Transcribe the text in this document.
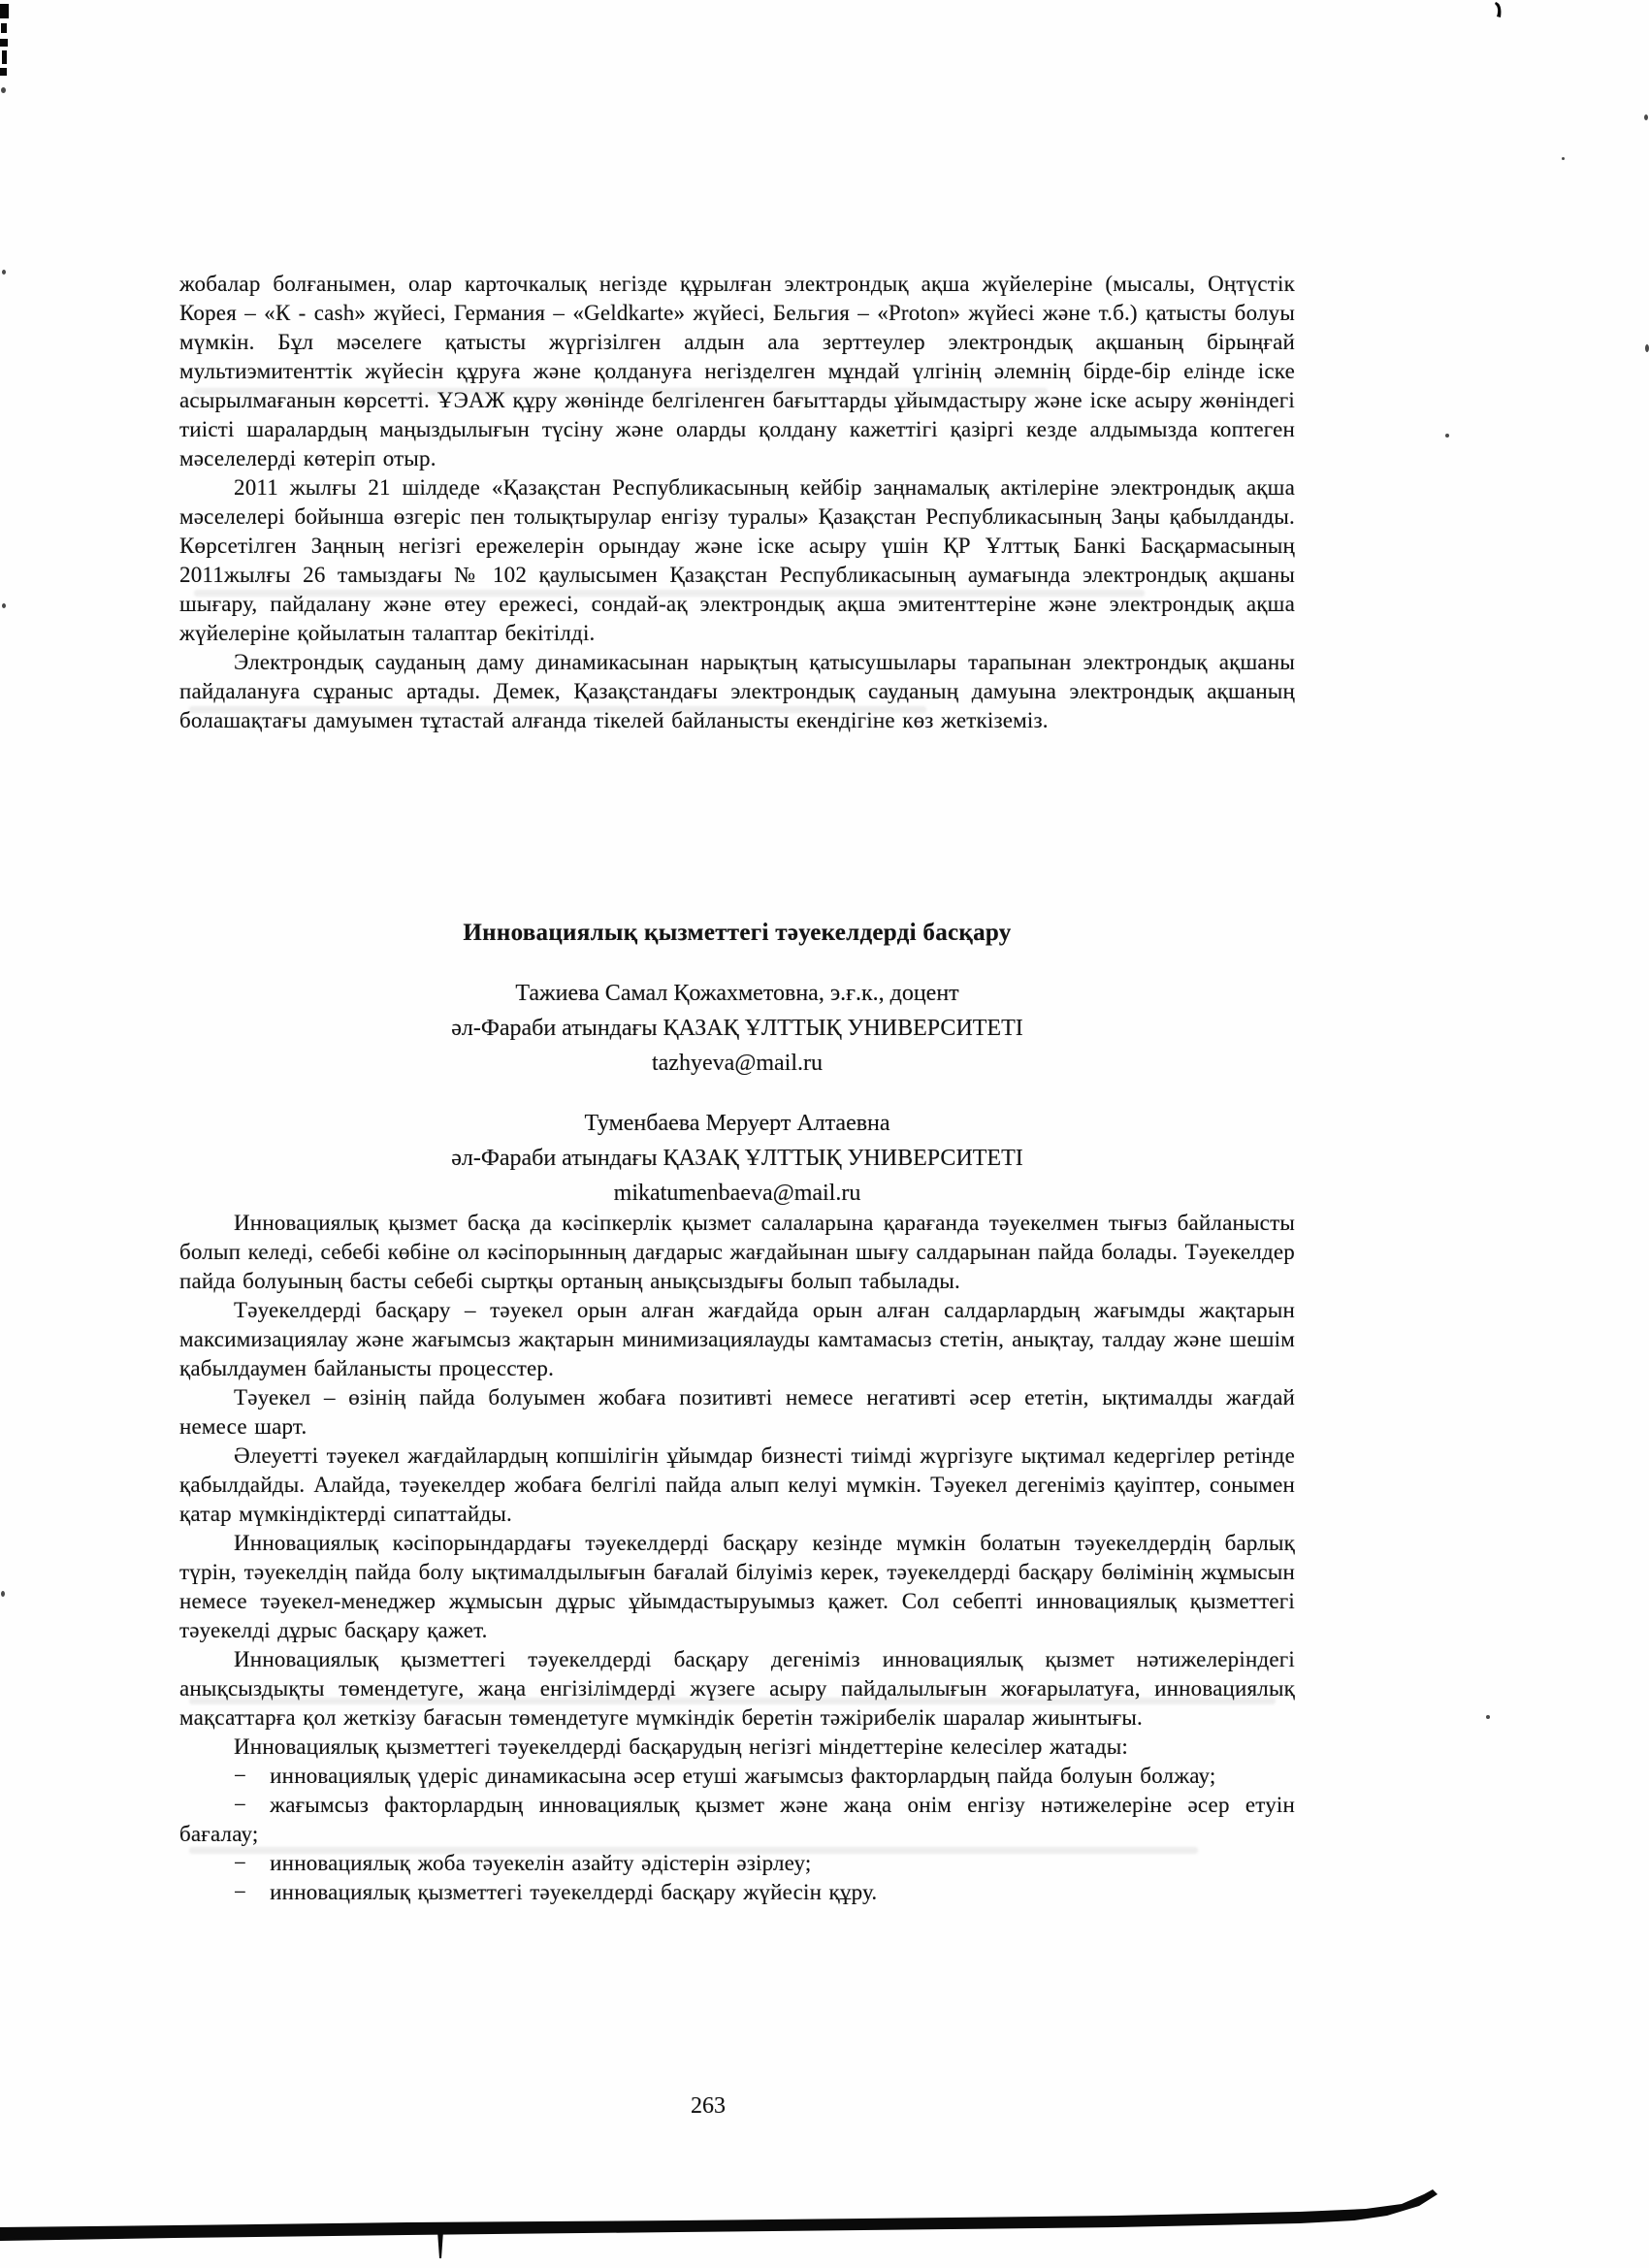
жобалар болғанымен, олар карточкалық негізде құрылған электрондық ақша жүйелеріне (мысалы, Оңтүстік Корея – «К - cash» жүйесі, Германия – «Geldkarte» жүйесі, Бельгия – «Proton» жүйесі және т.б.) қатысты болуы мүмкін. Бұл мәселеге қатысты жүргізілген алдын ала зерттеулер электрондық ақшаның бірыңғай мультиэмитенттік жүйесін құруға және қолдануға негізделген мұндай үлгінің әлемнің бірде-бір елінде іске асырылмағанын көрсетті. ҰЭАЖ құру жөнінде белгіленген бағыттарды ұйымдастыру және іске асыру жөніндегі тиісті шаралардың маңыздылығын түсіну және оларды қолдану кажеттігі қазіргі кезде алдымызда коптеген мәселелерді көтеріп отыр.

2011 жылғы 21 шілдеде «Қазақстан Республикасының кейбір заңнамалық актілеріне электрондық ақша мәселелері бойынша өзгеріс пен толықтырулар енгізу туралы» Қазақстан Республикасының Заңы қабылданды. Көрсетілген Заңның негізгі ережелерін орындау және іске асыру үшін ҚР Ұлттық Банкі Басқармасының 2011жылғы 26 тамыздағы № 102 қаулысымен Қазақстан Республикасының аумағында электрондық ақшаны шығару, пайдалану және өтеу ережесі, сондай-ақ электрондық ақша эмитенттеріне және электрондық ақша жүйелеріне қойылатын талаптар бекітілді.

Электрондық сауданың даму динамикасынан нарықтың қатысушылары тарапынан электрондық ақшаны пайдалануға сұраныс артады. Демек, Қазақстандағы электрондық сауданың дамуына электрондық ақшаның болашақтағы дамуымен тұтастай алғанда тікелей байланысты екендігіне көз жеткіземіз.

Инновациялық қызметтегі тәуекелдерді басқару

Тажиева Самал Қожахметовна, э.ғ.к., доцент

әл-Фараби атындағы ҚАЗАҚ ҰЛТТЫҚ УНИВЕРСИТЕТІ

tazhyeva@mail.ru

Туменбаева Меруерт Алтаевна

әл-Фараби атындағы ҚАЗАҚ ҰЛТТЫҚ УНИВЕРСИТЕТІ

mikatumenbaeva@mail.ru

Инновациялық қызмет басқа да кәсіпкерлік қызмет салаларына қарағанда тәуекелмен тығыз байланысты болып келеді, себебі көбіне ол кәсіпорынның дағдарыс жағдайынан шығу салдарынан пайда болады. Тәуекелдер пайда болуының басты себебі сыртқы ортаның анықсыздығы болып табылады.

Тәуекелдерді басқару – тәуекел орын алған жағдайда орын алған салдарлардың жағымды жақтарын максимизациялау және жағымсыз жақтарын минимизациялауды камтамасыз стетін, анықтау, талдау және шешім қабылдаумен байланысты процесстер.

Тәуекел – өзінің пайда болуымен жобаға позитивті немесе негативті әсер ететін, ықтималды жағдай немесе шарт.

Әлеуетті тәуекел жағдайлардың копшілігін ұйымдар бизнесті тиімді жүргізуге ықтимал кедергілер ретінде қабылдайды. Алайда, тәуекелдер жобаға белгілі пайда алып келуі мүмкін. Тәуекел дегеніміз қауіптер, сонымен қатар мүмкіндіктерді сипаттайды.

Инновациялық кәсіпорындардағы тәуекелдерді басқару кезінде мүмкін болатын тәуекелдердің барлық түрін, тәуекелдің пайда болу ықтималдылығын бағалай білуіміз керек, тәуекелдерді басқару бөлімінің жұмысын немесе тәуекел-менеджер жұмысын дұрыс ұйымдастыруымыз қажет. Сол себепті инновациялық қызметтегі тәуекелді дұрыс басқару қажет.

Инновациялық қызметтегі тәуекелдерді басқару дегеніміз инновациялық қызмет нәтижелеріндегі анықсыздықты төмендетуге, жаңа енгізілімдерді жүзеге асыру пайдалылығын жоғарылатуға, инновациялық мақсаттарға қол жеткізу бағасын төмендетуге мүмкіндік беретін тәжірибелік шаралар жиынтығы.

Инновациялық қызметтегі тәуекелдерді басқарудың негізгі міндеттеріне келесілер жатады:

− инновациялық үдеріс динамикасына әсер етуші жағымсыз факторлардың пайда болуын болжау;

− жағымсыз факторлардың инновациялық қызмет және жаңа онім енгізу нәтижелеріне әсер етуін бағалау;

− инновациялық жоба тәуекелін азайту әдістерін әзірлеу;

− инновациялық қызметтегі тәуекелдерді басқару жүйесін құру.

263
